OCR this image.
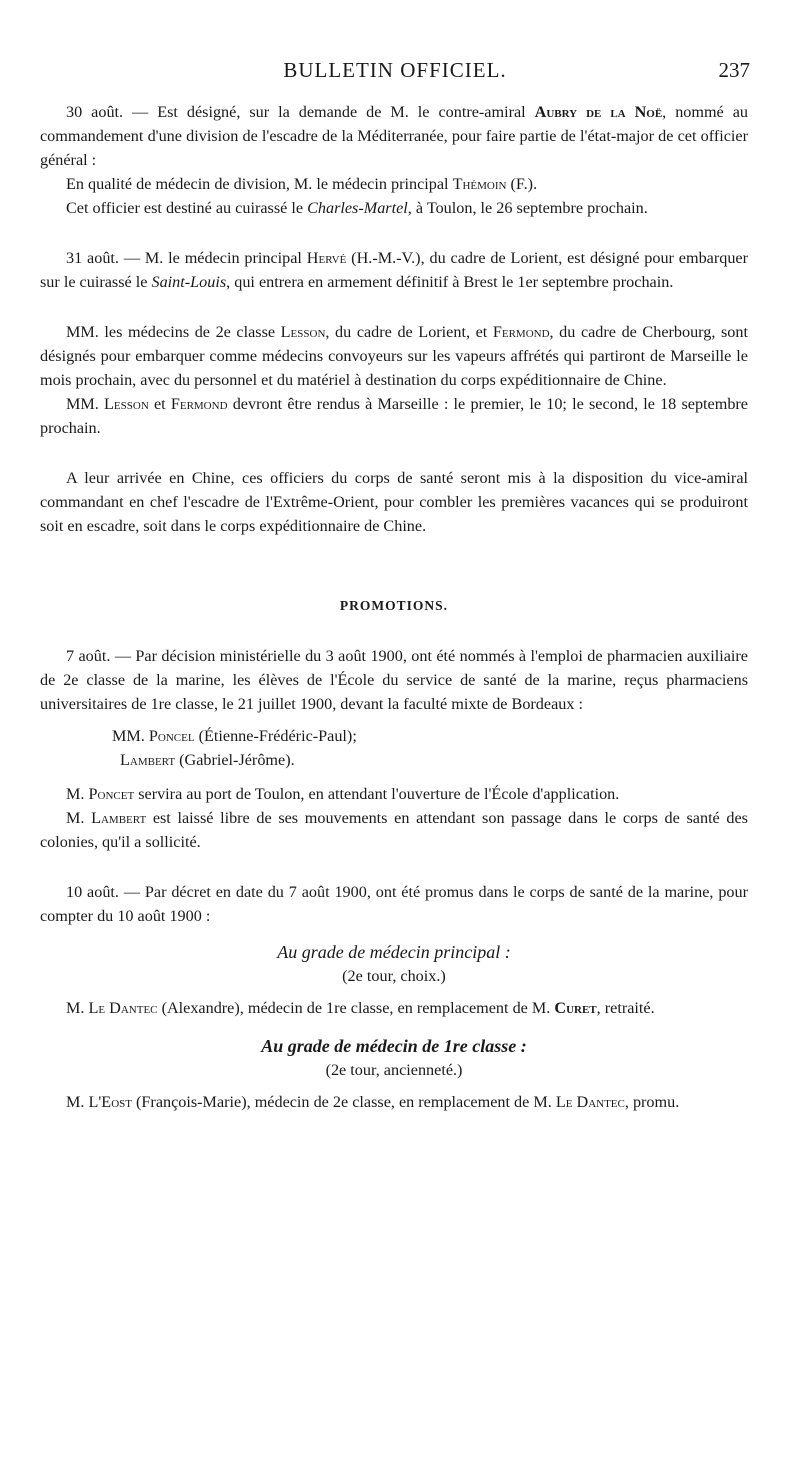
BULLETIN OFFICIEL.	237

30 août. — Est désigné, sur la demande de M. le contre-amiral Aubry de la Noë, nommé au commandement d'une division de l'escadre de la Méditerranée, pour faire partie de l'état-major de cet officier général :

En qualité de médecin de division, M. le médecin principal Thémoin (F.).

Cet officier est destiné au cuirassé le Charles-Martel, à Toulon, le 26 septembre prochain.

31 août. — M. le médecin principal Hervé (H.-M.-V.), du cadre de Lorient, est désigné pour embarquer sur le cuirassé le Saint-Louis, qui entrera en armement définitif à Brest le 1er septembre prochain.

MM. les médecins de 2e classe Lesson, du cadre de Lorient, et Fermond, du cadre de Cherbourg, sont désignés pour embarquer comme médecins convoyeurs sur les vapeurs affrétés qui partiront de Marseille le mois prochain, avec du personnel et du matériel à destination du corps expéditionnaire de Chine.

MM. Lesson et Fermond devront être rendus à Marseille : le premier, le 10; le second, le 18 septembre prochain.

A leur arrivée en Chine, ces officiers du corps de santé seront mis à la disposition du vice-amiral commandant en chef l'escadre de l'Extrême-Orient, pour combler les premières vacances qui se produiront soit en escadre, soit dans le corps expéditionnaire de Chine.

PROMOTIONS.

7 août. — Par décision ministérielle du 3 août 1900, ont été nommés à l'emploi de pharmacien auxiliaire de 2e classe de la marine, les élèves de l'École du service de santé de la marine, reçus pharmaciens universitaires de 1re classe, le 21 juillet 1900, devant la faculté mixte de Bordeaux :

MM. Poncel (Étienne-Frédéric-Paul);

Lambert (Gabriel-Jérôme).

M. Poncet servira au port de Toulon, en attendant l'ouverture de l'École d'application.

M. Lambert est laissé libre de ses mouvements en attendant son passage dans le corps de santé des colonies, qu'il a sollicité.

10 août. — Par décret en date du 7 août 1900, ont été promus dans le corps de santé de la marine, pour compter du 10 août 1900 :

Au grade de médecin principal :

(2e tour, choix.)

M. Le Dantec (Alexandre), médecin de 1re classe, en remplacement de M. Curet, retraité.

Au grade de médecin de 1re classe :

(2e tour, ancienneté.)

M. L'Eost (François-Marie), médecin de 2e classe, en remplacement de M. Le Dantec, promu.
